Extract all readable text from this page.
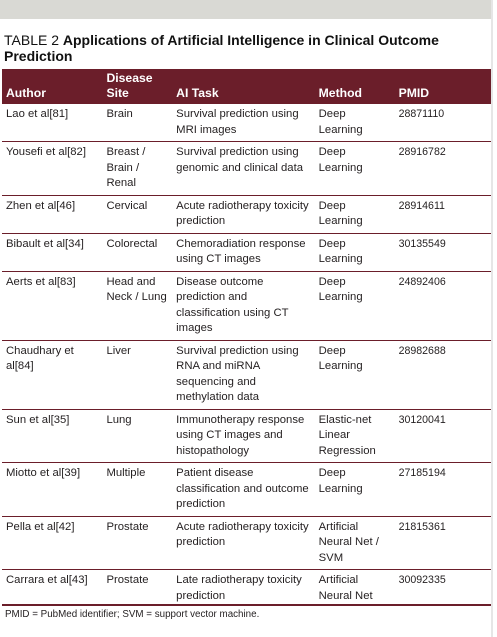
TABLE 2 Applications of Artificial Intelligence in Clinical Outcome Prediction
Author	Disease Site	AI Task	Method	PMID
Lao et al[81]	Brain	Survival prediction using MRI images	Deep Learning	28871110
Yousefi et al[82]	Breast / Brain / Renal	Survival prediction using genomic and clinical data	Deep Learning	28916782
Zhen et al[46]	Cervical	Acute radiotherapy toxicity prediction	Deep Learning	28914611
Bibault et al[34]	Colorectal	Chemoradiation response using CT images	Deep Learning	30135549
Aerts et al[83]	Head and Neck / Lung	Disease outcome prediction and classification using CT images	Deep Learning	24892406
Chaudhary et al[84]	Liver	Survival prediction using RNA and miRNA sequencing and methylation data	Deep Learning	28982688
Sun et al[35]	Lung	Immunotherapy response using CT images and histopathology	Elastic-net Linear Regression	30120041
Miotto et al[39]	Multiple	Patient disease classification and outcome prediction	Deep Learning	27185194
Pella et al[42]	Prostate	Acute radiotherapy toxicity prediction	Artificial Neural Net / SVM	21815361
Carrara et al[43]	Prostate	Late radiotherapy toxicity prediction	Artificial Neural Net	30092335
PMID = PubMed identifier; SVM = support vector machine.
